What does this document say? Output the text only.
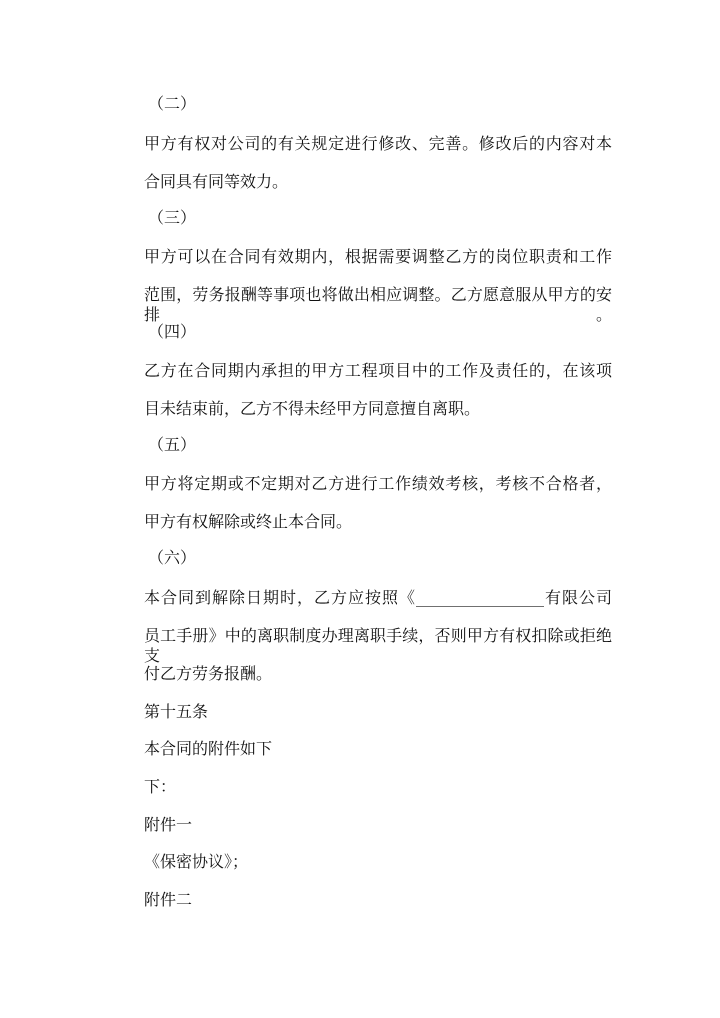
（二）
甲方有权对公司的有关规定进行修改、完善。修改后的内容对本
合同具有同等效力。
（三）
甲方可以在合同有效期内，根据需要调整乙方的岗位职责和工作
范围，劳务报酬等事项也将做出相应调整。乙方愿意服从甲方的安排。
（四）
乙方在合同期内承担的甲方工程项目中的工作及责任的，在该项
目未结束前，乙方不得未经甲方同意擅自离职。
（五）
甲方将定期或不定期对乙方进行工作绩效考核，考核不合格者，
甲方有权解除或终止本合同。
（六）
本合同到解除日期时，乙方应按照《________________有限公司
员工手册》中的离职制度办理离职手续，否则甲方有权扣除或拒绝支
付乙方劳务报酬。
第十五条
本合同的附件如下
下：
附件一
《保密协议》；
附件二
